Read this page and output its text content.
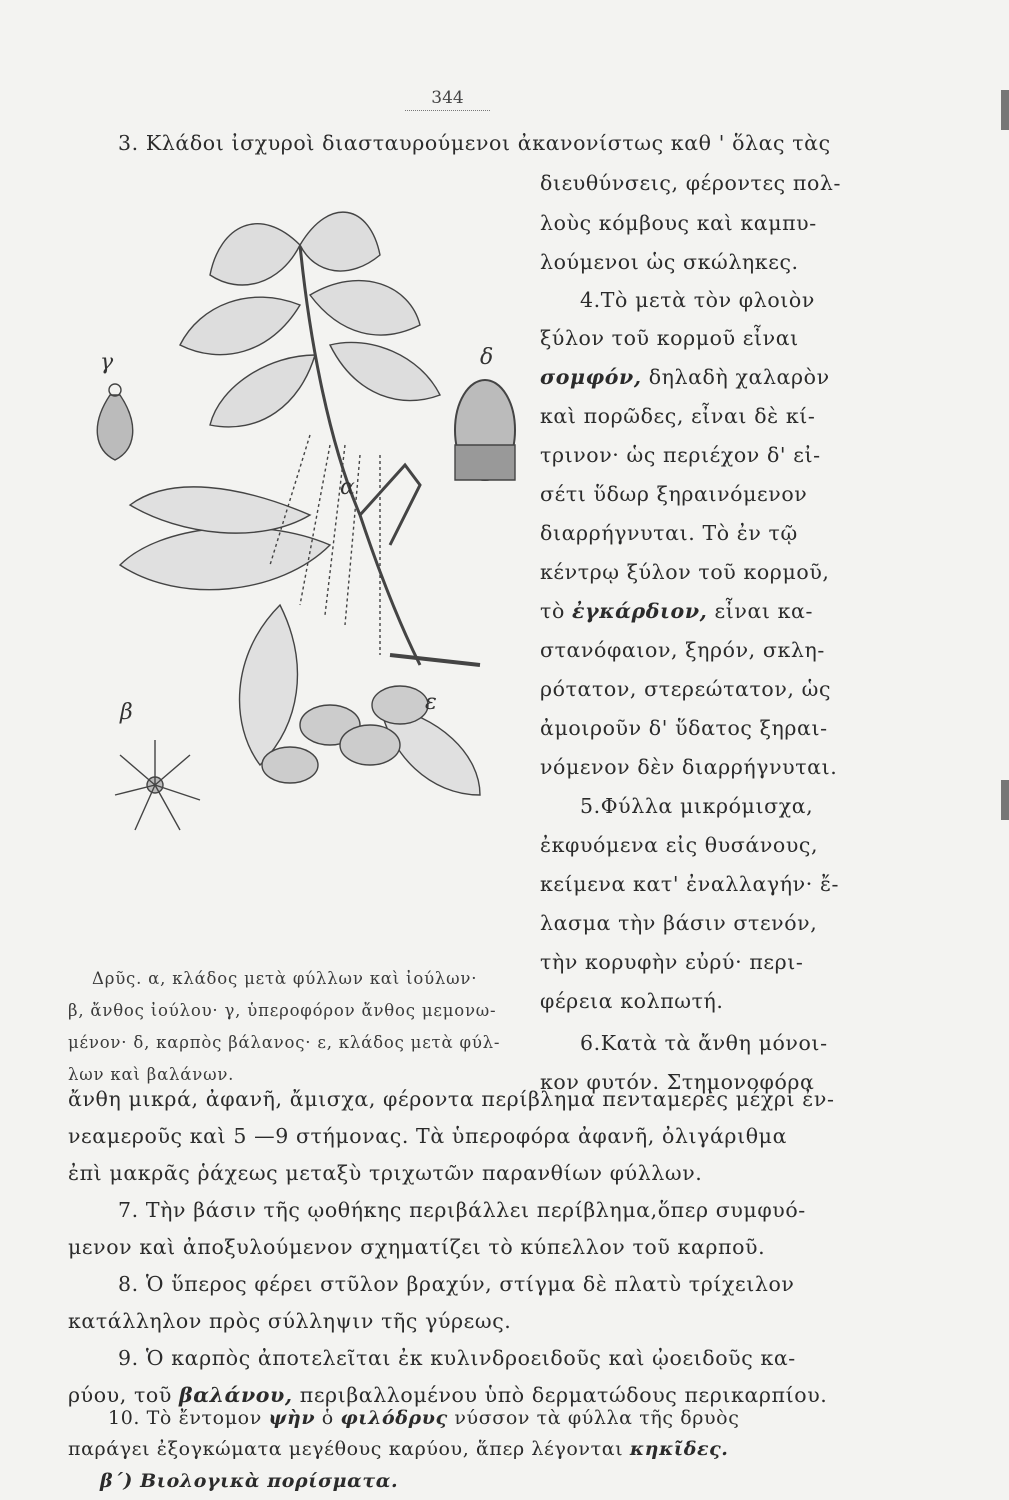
344
3. Κλάδοι ἰσχυροὶ διασταυρούμενοι ἀκανονίστως καθ ' ὅλας τὰς
διευθύνσεις, φέροντες πολ-
λοὺς κόμβους καὶ καμπυ-
λούμενοι ὡς σκώληκες.
4.Τὸ μετὰ τὸν φλοιὸν
ξύλον τοῦ κορμοῦ εἶναι
σομφόν, δηλαδὴ χαλαρὸν
καὶ πορῶδες, εἶναι δὲ κί-
τρινον· ὡς περιέχον δ' εἰ-
σέτι ὕδωρ ξηραινόμενον
διαρρήγνυται. Τὸ ἐν τῷ
κέντρῳ ξύλον τοῦ κορμοῦ,
τὸ ἐγκάρδιον, εἶναι κα-
στανόφαιον, ξηρόν, σκλη-
ρότατον, στερεώτατον, ὡς
ἀμοιροῦν δ' ὕδατος ξηραι-
νόμενον δὲν διαρρήγνυται.
5.Φύλλα μικρόμισχα,
ἐκφυόμενα εἰς θυσάνους,
κείμενα κατ' ἐναλλαγήν· ἔ-
λασμα τὴν βάσιν στενόν,
τὴν κορυφὴν εὐρύ· περι-
φέρεια κολπωτή.
Δρῦς. α, κλάδος μετὰ φύλλων καὶ ἰούλων·
β, ἄνθος ἰούλου· γ, ὑπεροφόρον ἄνθος μεμονω-
μένον· δ, καρπὸς βάλανος· ε, κλάδος μετὰ φύλ-
λων καὶ βαλάνων.
6.Κατὰ τὰ ἄνθη μόνοι-
κον φυτόν. Στημονοφόρα
ἄνθη μικρά, ἀφανῆ, ἄμισχα, φέροντα περίβλημα πενταμερὲς μέχρι ἐν-
νεαμεροῦς καὶ 5 —9 στήμονας. Τὰ ὑπεροφόρα ἀφανῆ, ὀλιγάριθμα
ἐπὶ μακρᾶς ῥάχεως μεταξὺ τριχωτῶν παρανθίων φύλλων.
7. Τὴν βάσιν τῆς ῳοθήκης περιβάλλει περίβλημα,ὅπερ συμφυό-
μενον καὶ ἀποξυλούμενον σχηματίζει τὸ κύπελλον τοῦ καρποῦ.
8. Ὁ ὕπερος φέρει στῦλον βραχύν, στίγμα δὲ πλατὺ τρίχειλον
κατάλληλον πρὸς σύλληψιν τῆς γύρεως.
9. Ὁ καρπὸς ἀποτελεῖται ἐκ κυλινδροειδοῦς καὶ ᾠοειδοῦς κα-
ρύου, τοῦ βαλάνου, περιβαλλομένου ὑπὸ δερματώδους περικαρπίου.
10. Τὸ ἔντομον ψὴν ὁ φιλόδρυς νύσσον τὰ φύλλα τῆς δρυὸς
παράγει ἐξογκώματα μεγέθους καρύου, ἅπερ λέγονται κηκῖδες.
β΄) Βιολογικὰ πορίσματα.
α
β
γ	δ
ε
